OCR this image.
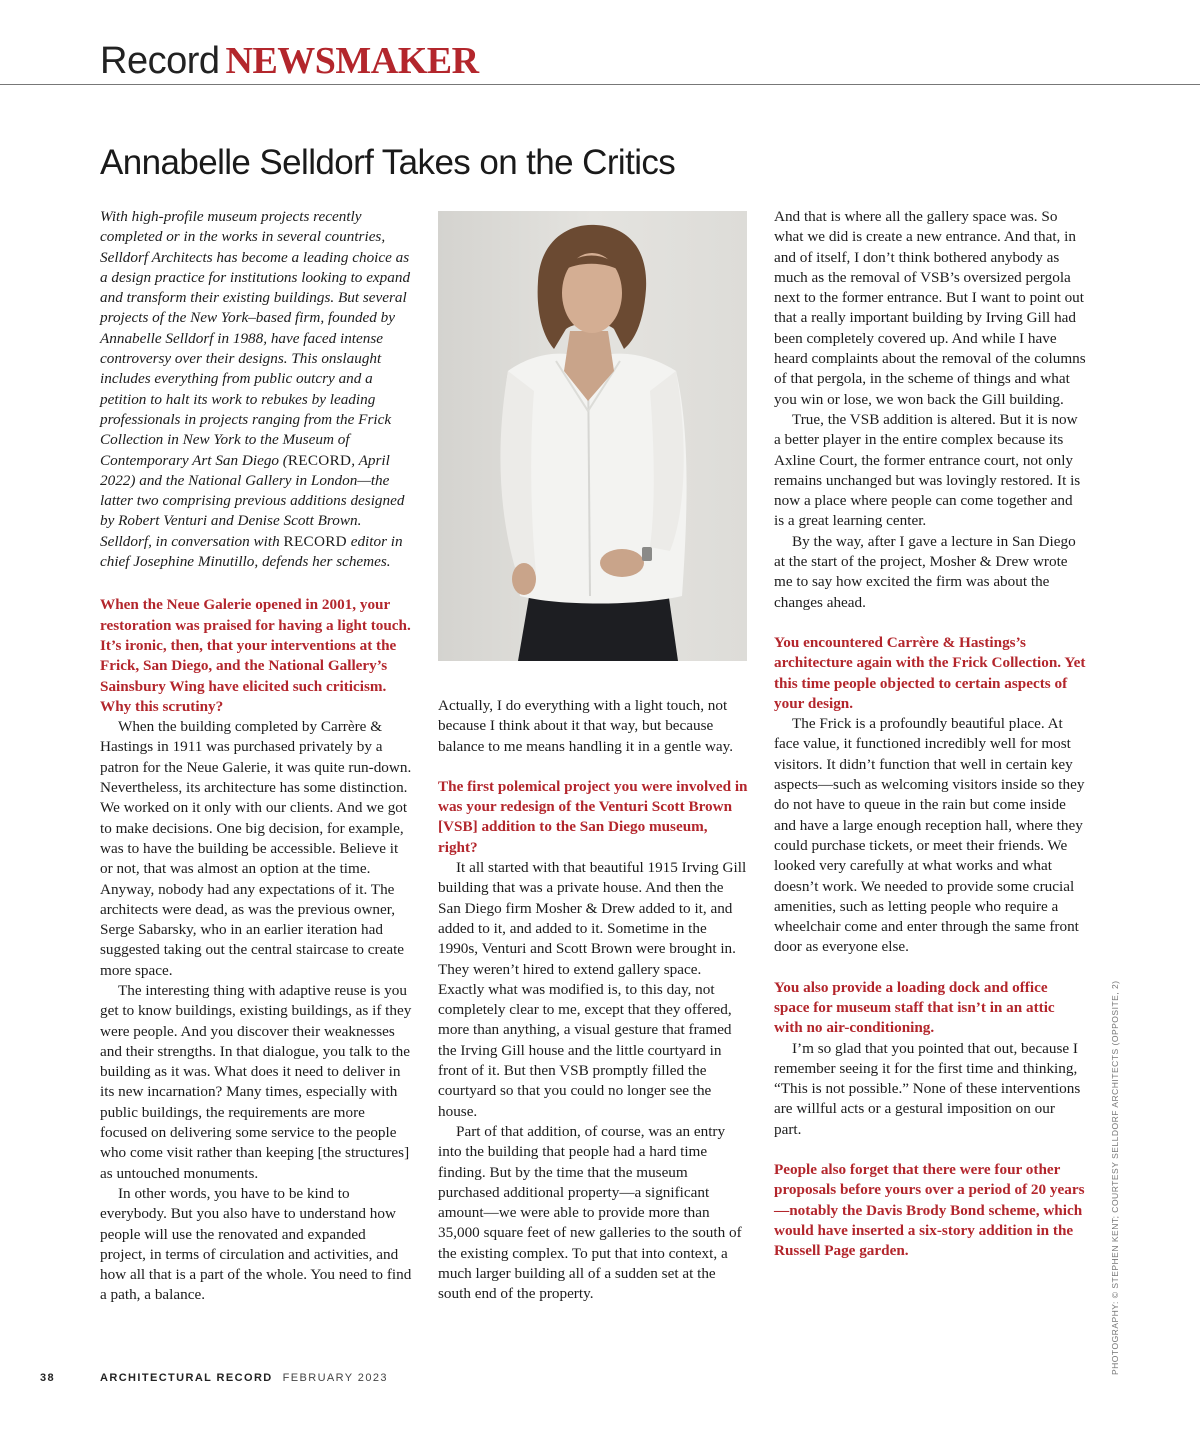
Record NEWSMAKER
Annabelle Selldorf Takes on the Critics

With high-profile museum projects recently completed or in the works in several countries, Selldorf Architects has become a leading choice as a design practice for institutions looking to expand and transform their existing buildings. But several projects of the New York–based firm, founded by Annabelle Selldorf in 1988, have faced intense controversy over their designs. This onslaught includes everything from public outcry and a petition to halt its work to rebukes by leading professionals in projects ranging from the Frick Collection in New York to the Museum of Contemporary Art San Diego (RECORD, April 2022) and the National Gallery in London—the latter two comprising previous additions designed by Robert Venturi and Denise Scott Brown. Selldorf, in conversation with RECORD editor in chief Josephine Minutillo, defends her schemes.

When the Neue Galerie opened in 2001, your restoration was praised for having a light touch. It’s ironic, then, that your interventions at the Frick, San Diego, and the National Gallery’s Sainsbury Wing have elicited such criticism. Why this scrutiny?

When the building completed by Carrère & Hastings in 1911 was purchased privately by a patron for the Neue Galerie, it was quite run-down. Nevertheless, its architecture has some distinction. We worked on it only with our clients. And we got to make decisions. One big decision, for example, was to have the building be accessible. Believe it or not, that was almost an option at the time. Anyway, nobody had any expectations of it. The architects were dead, as was the previous owner, Serge Sabarsky, who in an earlier iteration had suggested taking out the central staircase to create more space.

The interesting thing with adaptive reuse is you get to know buildings, existing buildings, as if they were people. And you discover their weaknesses and their strengths. In that dialogue, you talk to the building as it was. What does it need to deliver in its new incarnation? Many times, especially with public buildings, the requirements are more focused on delivering some service to the people who come visit rather than keeping [the structures] as untouched monuments.

In other words, you have to be kind to everybody. But you also have to understand how people will use the renovated and expanded project, in terms of circulation and activities, and how all that is a part of the whole. You need to find a path, a balance.

Actually, I do everything with a light touch, not because I think about it that way, but because balance to me means handling it in a gentle way.

The first polemical project you were involved in was your redesign of the Venturi Scott Brown [VSB] addition to the San Diego museum, right?

It all started with that beautiful 1915 Irving Gill building that was a private house. And then the San Diego firm Mosher & Drew added to it, and added to it, and added to it. Sometime in the 1990s, Venturi and Scott Brown were brought in. They weren’t hired to extend gallery space. Exactly what was modified is, to this day, not completely clear to me, except that they offered, more than anything, a visual gesture that framed the Irving Gill house and the little courtyard in front of it. But then VSB promptly filled the courtyard so that you could no longer see the house.

Part of that addition, of course, was an entry into the building that people had a hard time finding. But by the time that the museum purchased additional property—a significant amount—we were able to provide more than 35,000 square feet of new galleries to the south of the existing complex. To put that into context, a much larger building all of a sudden set at the south end of the property.

And that is where all the gallery space was. So what we did is create a new entrance. And that, in and of itself, I don’t think bothered anybody as much as the removal of VSB’s oversized pergola next to the former entrance. But I want to point out that a really important building by Irving Gill had been completely covered up. And while I have heard complaints about the removal of the columns of that pergola, in the scheme of things and what you win or lose, we won back the Gill building.

True, the VSB addition is altered. But it is now a better player in the entire complex because its Axline Court, the former entrance court, not only remains unchanged but was lovingly restored. It is now a place where people can come together and is a great learning center.

By the way, after I gave a lecture in San Diego at the start of the project, Mosher & Drew wrote me to say how excited the firm was about the changes ahead.

You encountered Carrère & Hastings’s architecture again with the Frick Collection. Yet this time people objected to certain aspects of your design.

The Frick is a profoundly beautiful place. At face value, it functioned incredibly well for most visitors. It didn’t function that well in certain key aspects—such as welcoming visitors inside so they do not have to queue in the rain but come inside and have a large enough reception hall, where they could purchase tickets, or meet their friends. We looked very carefully at what works and what doesn’t work. We needed to provide some crucial amenities, such as letting people who require a wheelchair come and enter through the same front door as everyone else.

You also provide a loading dock and office space for museum staff that isn’t in an attic with no air-conditioning.

I’m so glad that you pointed that out, because I remember seeing it for the first time and thinking, “This is not possible.” None of these interventions are willful acts or a gestural imposition on our part.

People also forget that there were four other proposals before yours over a period of 20 years—notably the Davis Brody Bond scheme, which would have inserted a six-story addition in the Russell Page garden.	PHOTOGRAPHY: © STEPHEN KENT; COURTESY SELLDORF ARCHITECTS (OPPOSITE, 2)
38	ARCHITECTURAL RECORD FEBRUARY 2023
